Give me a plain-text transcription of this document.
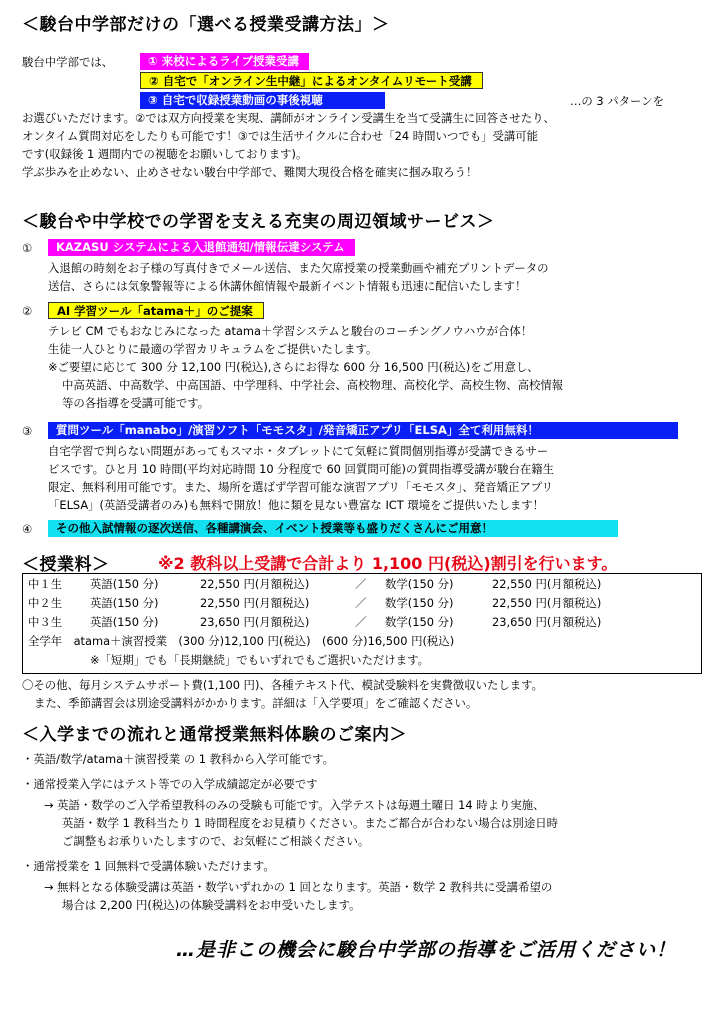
＜駿台中学部だけの「選べる授業受講方法」＞
駿台中学部では、	① 来校によるライブ授業受講
② 自宅で「オンライン生中継」によるオンタイムリモート受講
③ 自宅で収録授業動画の事後視聴	…の 3 パターンを
お選びいただけます。②では双方向授業を実現、講師がオンライン受講生を当て受講生に回答させたり、
オンタイム質問対応をしたりも可能です！③では生活サイクルに合わせ「24 時間いつでも」受講可能
です(収録後 1 週間内での視聴をお願いしております)。
学ぶ歩みを止めない、止めさせない駿台中学部で、難関大現役合格を確実に掴み取ろう！
＜駿台や中学校での学習を支える充実の周辺領域サービス＞
①	KAZASU システムによる入退館通知/情報伝達システム
入退館の時刻をお子様の写真付きでメール送信、また欠席授業の授業動画や補充プリントデータの
送信、さらには気象警報等による休講休館情報や最新イベント情報も迅速に配信いたします！
②	AI 学習ツール「atama＋」のご提案
テレビ CM でもおなじみになった atama＋学習システムと駿台のコーチングノウハウが合体！
生徒一人ひとりに最適の学習カリキュラムをご提供いたします。
※ご要望に応じて 300 分 12,100 円(税込),さらにお得な 600 分 16,500 円(税込)をご用意し、
中高英語、中高数学、中高国語、中学理科、中学社会、高校物理、高校化学、高校生物、高校情報
等の各指導を受講可能です。
③	質問ツール「manabo」/演習ソフト「モモスタ」/発音矯正アプリ「ELSA」全て利用無料！
自宅学習で判らない問題があってもスマホ・タブレットにて気軽に質問個別指導が受講できるサー
ビスです。ひと月 10 時間(平均対応時間 10 分程度で 60 回質問可能)の質問指導受講が駿台在籍生
限定、無料利用可能です。また、場所を選ばず学習可能な演習アプリ「モモスタ」、発音矯正アプリ
「ELSA」(英語受講者のみ)も無料で開放！他に類を見ない豊富な ICT 環境をご提供いたします！
④	その他入試情報の逐次送信、各種講演会、イベント授業等も盛りだくさんにご用意！
＜授業料＞	※2 教科以上受講で合計より 1,100 円(税込)割引を行います。
中１生 英語(150 分)	22,550 円(月額税込)	／ 数学(150 分)	22,550 円(月額税込)
中２生 英語(150 分)	22,550 円(月額税込)	／ 数学(150 分)	22,550 円(月額税込)
中３生 英語(150 分)	23,650 円(月額税込)	／ 数学(150 分)	23,650 円(月額税込)
全学年　atama＋演習授業　(300 分)12,100 円(税込)　(600 分)16,500 円(税込)
※「短期」でも「長期継続」でもいずれでもご選択いただけます。
〇その他、毎月システムサポート費(1,100 円)、各種テキスト代、模試受験料を実費徴収いたします。
また、季節講習会は別途受講料がかかります。詳細は「入学要項」をご確認ください。
＜入学までの流れと通常授業無料体験のご案内＞
・英語/数学/atama＋演習授業 の 1 教科から入学可能です。
・通常授業入学にはテスト等での入学成績認定が必要です
→ 英語・数学のご入学希望教科のみの受験も可能です。入学テストは毎週土曜日 14 時より実施、
英語・数学 1 教科当たり 1 時間程度をお見積りください。またご都合が合わない場合は別途日時
ご調整もお承りいたしますので、お気軽にご相談ください。
・通常授業を 1 回無料で受講体験いただけます。
→ 無料となる体験受講は英語・数学いずれかの 1 回となります。英語・数学 2 教科共に受講希望の
場合は 2,200 円(税込)の体験受講料をお申受いたします。
…是非この機会に駿台中学部の指導をご活用ください！
